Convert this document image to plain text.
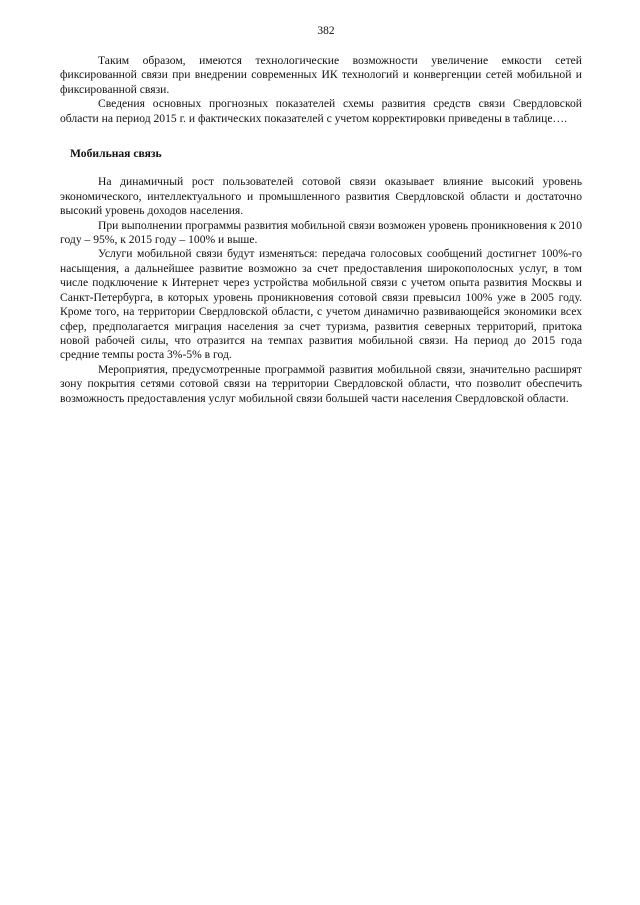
382

Таким образом, имеются технологические возможности увеличение емкости сетей фиксированной связи при внедрении современных ИК технологий и конвергенции сетей мобильной и фиксированной связи.

Сведения основных прогнозных показателей схемы развития средств связи Свердловской области на период 2015 г. и фактических показателей с учетом корректировки приведены в таблице….

Мобильная связь

На динамичный рост пользователей сотовой связи оказывает влияние высокий уровень экономического, интеллектуального и промышленного развития Свердловской области и достаточно высокий уровень доходов населения.

При выполнении программы развития мобильной связи возможен уровень проникновения к 2010 году – 95%, к 2015 году – 100% и выше.

Услуги мобильной связи будут изменяться: передача голосовых сообщений достигнет 100%-го насыщения, а дальнейшее развитие возможно за счет предоставления широкополосных услуг, в том числе подключение к Интернет через устройства мобильной связи с учетом опыта развития Москвы и Санкт-Петербурга, в которых уровень проникновения сотовой связи превысил 100% уже в 2005 году. Кроме того, на территории Свердловской области, с учетом динамично развивающейся экономики всех сфер, предполагается миграция населения за счет туризма, развития северных территорий, притока новой рабочей силы, что отразится на темпах развития мобильной связи. На период до 2015 года средние темпы роста 3%-5% в год.

Мероприятия, предусмотренные программой развития мобильной связи, значительно расширят зону покрытия сетями сотовой связи на территории Свердловской области, что позволит обеспечить возможность предоставления услуг мобильной связи большей части населения Свердловской области.
